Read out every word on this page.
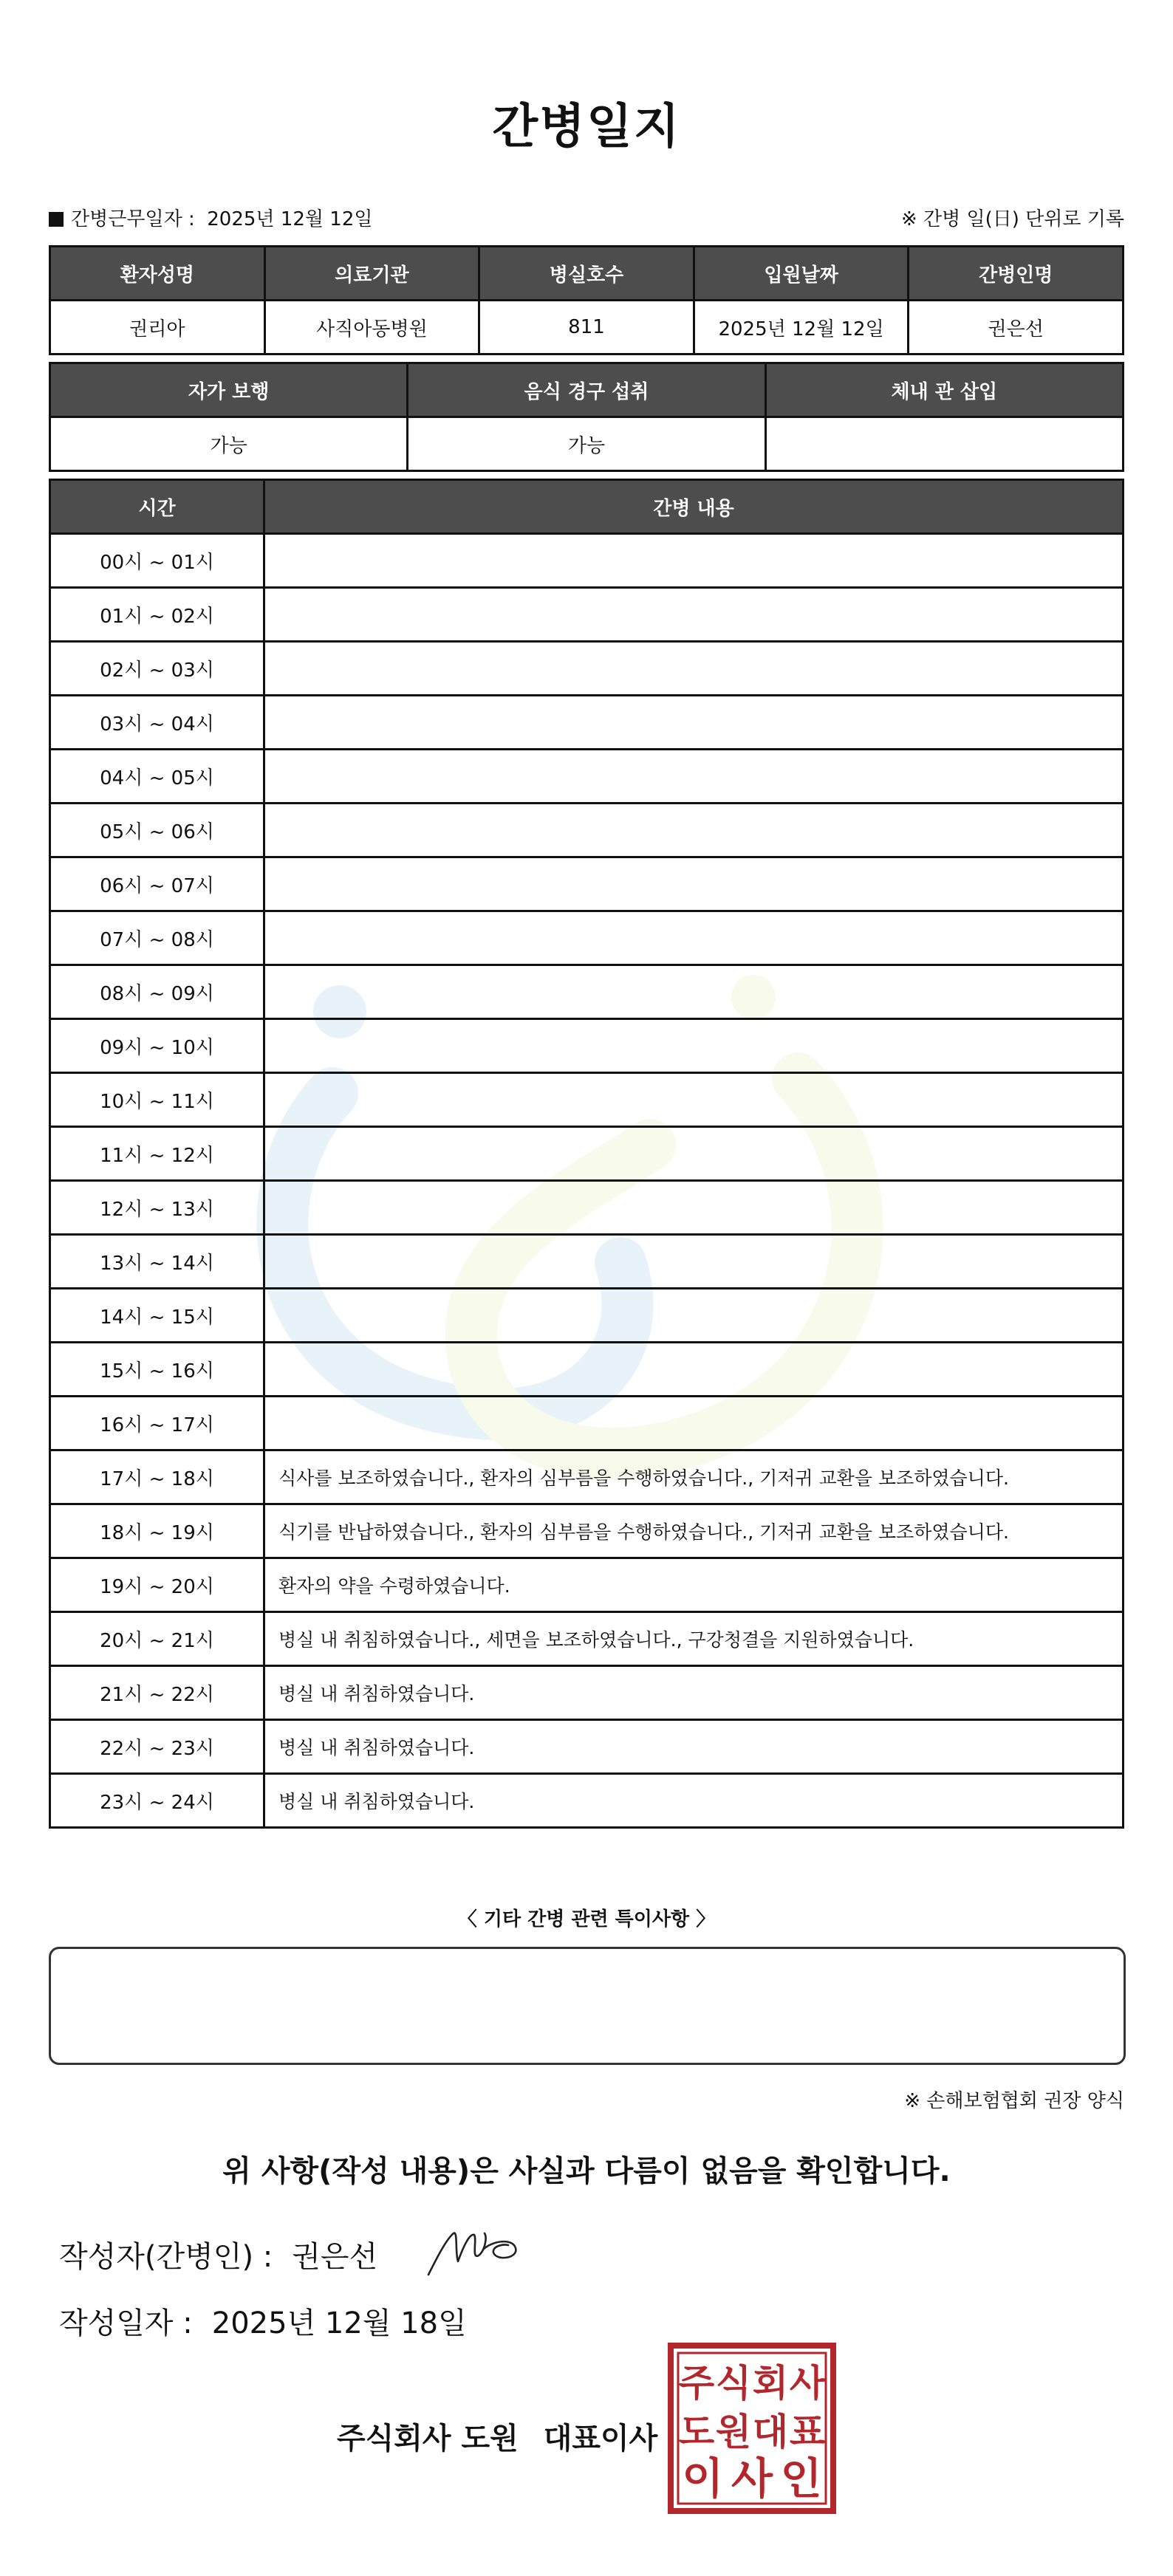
간병일지
간병근무일자 : 2025년 12월 12일	※ 간병 일(日) 단위로 기록
환자성명	의료기관	병실호수	입원날짜	간병인명
권리아	사직아동병원	811	2025년 12월 12일	권은선
자가 보행	음식 경구 섭취	체내 관 삽입
가능	가능	
시간	간병 내용
00시 ~ 01시	
01시 ~ 02시	
02시 ~ 03시	
03시 ~ 04시	
04시 ~ 05시	
05시 ~ 06시	
06시 ~ 07시	
07시 ~ 08시	
08시 ~ 09시	
09시 ~ 10시	
10시 ~ 11시	
11시 ~ 12시	
12시 ~ 13시	
13시 ~ 14시	
14시 ~ 15시	
15시 ~ 16시	
16시 ~ 17시	
17시 ~ 18시	식사를 보조하였습니다., 환자의 심부름을 수행하였습니다., 기저귀 교환을 보조하였습니다.
18시 ~ 19시	식기를 반납하였습니다., 환자의 심부름을 수행하였습니다., 기저귀 교환을 보조하였습니다.
19시 ~ 20시	환자의 약을 수령하였습니다.
20시 ~ 21시	병실 내 취침하였습니다., 세면을 보조하였습니다., 구강청결을 지원하였습니다.
21시 ~ 22시	병실 내 취침하였습니다.
22시 ~ 23시	병실 내 취침하였습니다.
23시 ~ 24시	병실 내 취침하였습니다.
〈 기타 간병 관련 특이사항 〉
※ 손해보험협회 권장 양식
위 사항(작성 내용)은 사실과 다름이 없음을 확인합니다.
작성자(간병인) : 권은선
작성일자 : 2025년 12월 18일
주식회사 도원 대표이사
주 식 회 사
도 원 대 표
이 사 인
